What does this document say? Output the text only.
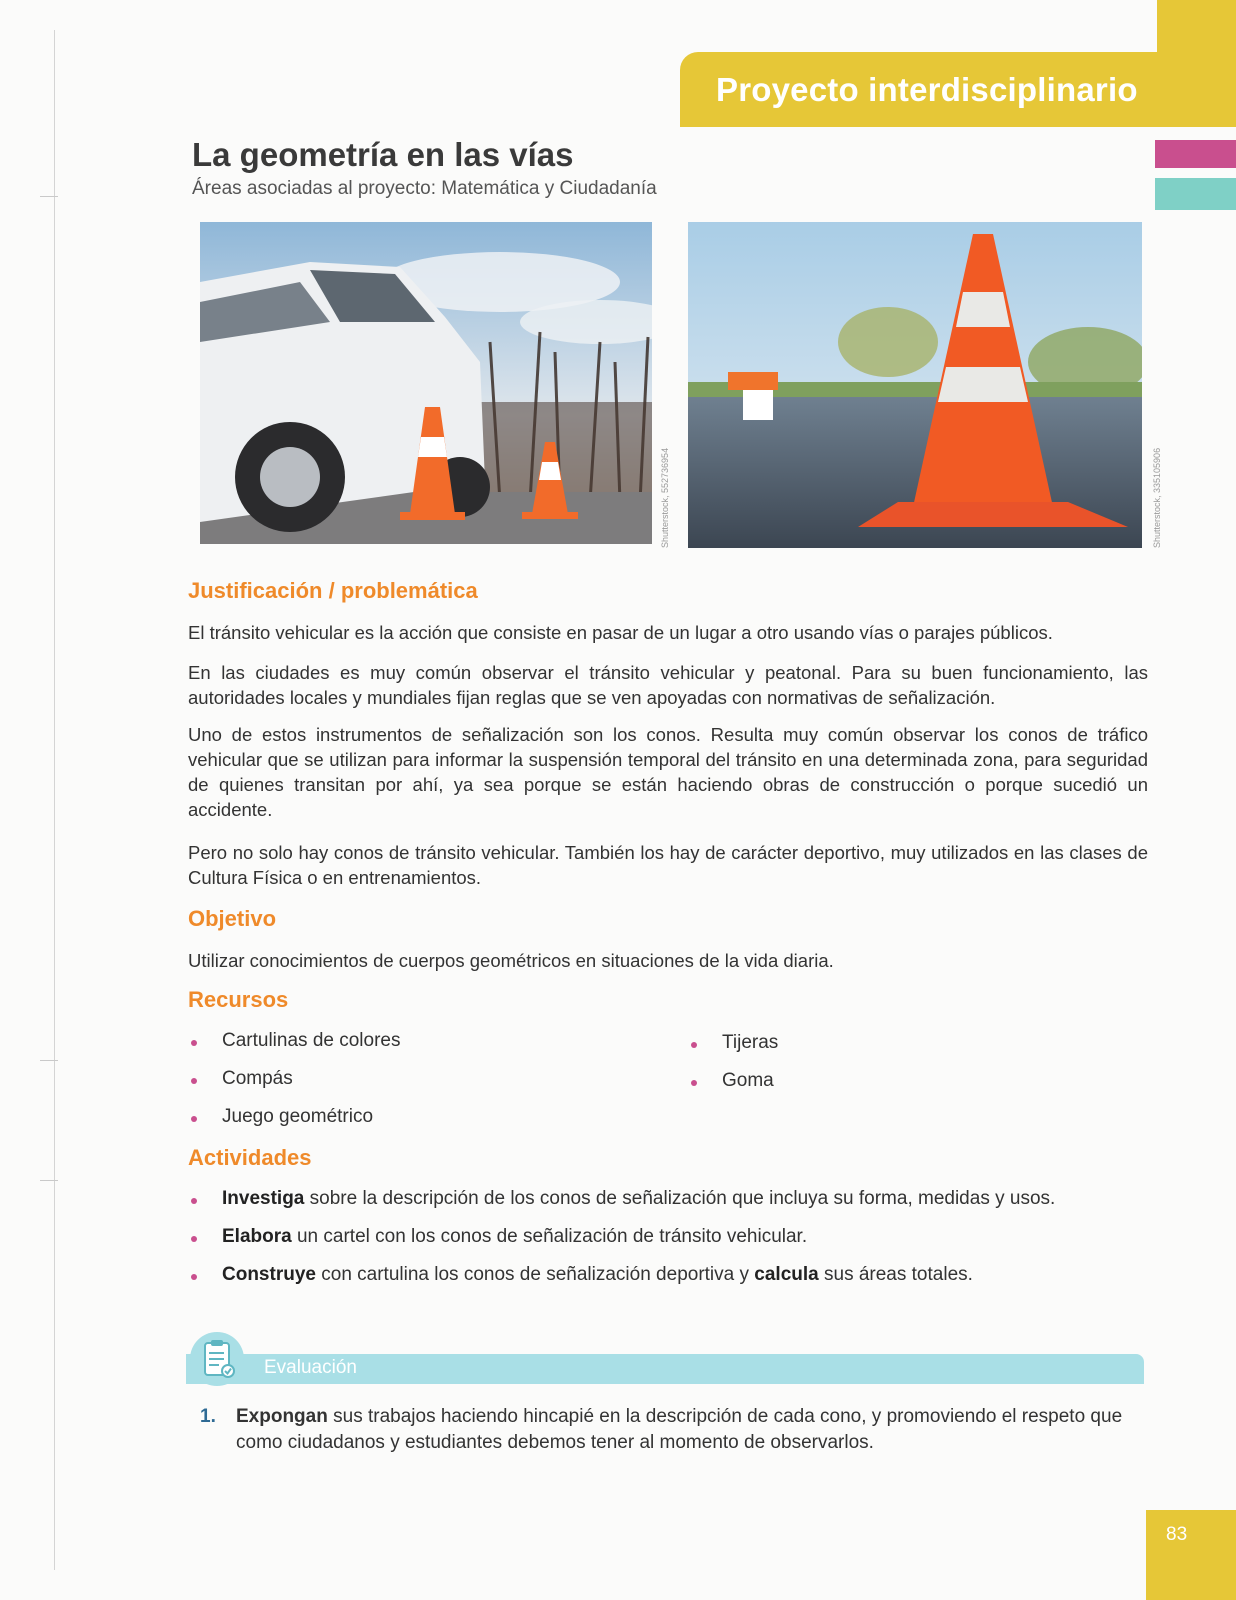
Proyecto interdisciplinario
La geometría en las vías
Áreas asociadas al proyecto: Matemática y Ciudadanía
Shutterstock, 552736954	Shutterstock, 335105906
Justificación / problemática

El tránsito vehicular es la acción que consiste en pasar de un lugar a otro usando vías o parajes públicos.

En las ciudades es muy común observar el tránsito vehicular y peatonal. Para su buen funcionamiento, las autoridades locales y mundiales fijan reglas que se ven apoyadas con normativas de señalización.

Uno de estos instrumentos de señalización son los conos. Resulta muy común observar los conos de tráfico vehicular que se utilizan para informar la suspensión temporal del tránsito en una determinada zona, para seguridad de quienes transitan por ahí, ya sea porque se están haciendo obras de construcción o porque sucedió un accidente.

Pero no solo hay conos de tránsito vehicular. También los hay de carácter deportivo, muy utilizados en las clases de Cultura Física o en entrenamientos.

Objetivo

Utilizar conocimientos de cuerpos geométricos en situaciones de la vida diaria.

Recursos
Cartulinas de colores
Compás
Juego geométrico
Tijeras
Goma
Actividades
Investiga sobre la descripción de los conos de señalización que incluya su forma, medidas y usos.
Elabora un cartel con los conos de señalización de tránsito vehicular.
Construye con cartulina los conos de señalización deportiva y calcula sus áreas totales.
Evaluación
1.	Expongan sus trabajos haciendo hincapié en la descripción de cada cono, y promoviendo el respeto que como ciudadanos y estudiantes debemos tener al momento de observarlos.
83
